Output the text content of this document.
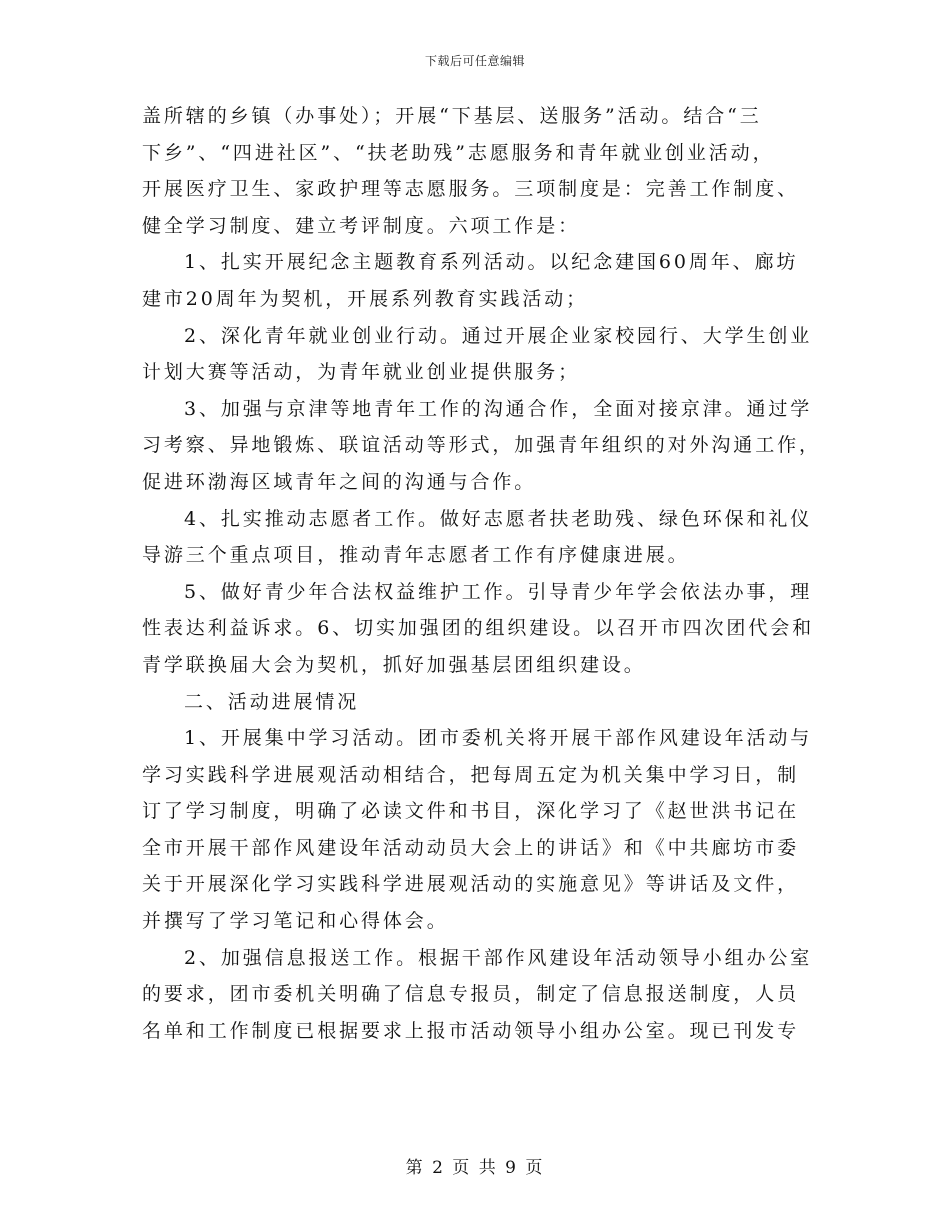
下载后可任意编辑
盖所辖的乡镇（办事处）；开展“下基层、送服务”活动。结合“三
下乡”、“四进社区”、“扶老助残”志愿服务和青年就业创业活动，
开展医疗卫生、家政护理等志愿服务。三项制度是：完善工作制度、
健全学习制度、建立考评制度。六项工作是：
1、扎实开展纪念主题教育系列活动。以纪念建国60周年、廊坊
建市20周年为契机，开展系列教育实践活动；
2、深化青年就业创业行动。通过开展企业家校园行、大学生创业
计划大赛等活动，为青年就业创业提供服务；
3、加强与京津等地青年工作的沟通合作，全面对接京津。通过学
习考察、异地锻炼、联谊活动等形式，加强青年组织的对外沟通工作，
促进环渤海区域青年之间的沟通与合作。
4、扎实推动志愿者工作。做好志愿者扶老助残、绿色环保和礼仪
导游三个重点项目，推动青年志愿者工作有序健康进展。
5、做好青少年合法权益维护工作。引导青少年学会依法办事，理
性表达利益诉求。6、切实加强团的组织建设。以召开市四次团代会和
青学联换届大会为契机，抓好加强基层团组织建设。
二、活动进展情况
1、开展集中学习活动。团市委机关将开展干部作风建设年活动与
学习实践科学进展观活动相结合，把每周五定为机关集中学习日，制
订了学习制度，明确了必读文件和书目，深化学习了《赵世洪书记在
全市开展干部作风建设年活动动员大会上的讲话》和《中共廊坊市委
关于开展深化学习实践科学进展观活动的实施意见》等讲话及文件，
并撰写了学习笔记和心得体会。
2、加强信息报送工作。根据干部作风建设年活动领导小组办公室
的要求，团市委机关明确了信息专报员，制定了信息报送制度，人员
名单和工作制度已根据要求上报市活动领导小组办公室。现已刊发专
第 2 页 共 9 页
